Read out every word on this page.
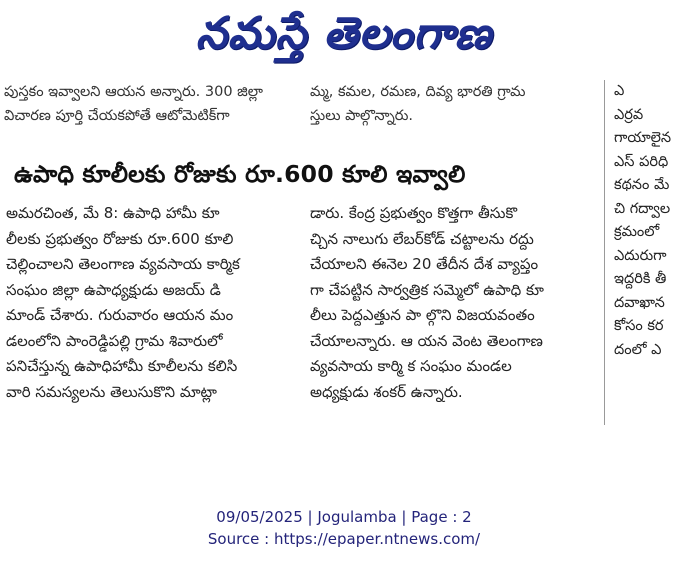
నమస్తే తెలంగాణ
పుస్తకం ఇవ్వాలని ఆయన అన్నారు. 300 జిల్లా
విచారణ పూర్తి చేయకపోతే ఆటోమెటిక్‌గా
మ్మ, కమల, రమణ, దివ్య భారతి గ్రామ
స్తులు పాల్గొన్నారు.

ఎ

ఎర్రవ

గాయాలైన

ఎస్ పరిధి

కథనం మే

చి గద్వాల

క్రమంలో

ఎదురుగా

ఇద్దరికి తీ

దవాఖాన

కోసం కర

దంలో ఎ

ఉపాధి కూలీలకు రోజుకు రూ.600 కూలి ఇవ్వాలి

అమరచింత, మే 8: ఉపాధి హామీ కూ

లీలకు ప్రభుత్వం రోజుకు రూ.600 కూలి

చెల్లించాలని తెలంగాణ వ్యవసాయ కార్మిక

సంఘం జిల్లా ఉపాధ్యక్షుడు అజయ్ డి

మాండ్ చేశారు. గురువారం ఆయన మం

డలంలోని పాంరెడ్డిపల్లి గ్రామ శివారులో

పనిచేస్తున్న ఉపాధిహామీ కూలీలను కలిసి

వారి సమస్యలను తెలుసుకొని మాట్లా

డారు. కేంద్ర ప్రభుత్వం కొత్తగా తీసుకొ

చ్చిన నాలుగు లేబర్‌కోడ్ చట్టాలను రద్దు

చేయాలని ఈనెల 20 తేదీన దేశ వ్యాప్తం

గా చేపట్టిన సార్వత్రిక సమ్మెలో ఉపాధి కూ

లీలు పెద్దఎత్తున పా ల్గొని విజయవంతం

చేయాలన్నారు. ఆ యన వెంట తెలంగాణ

వ్యవసాయ కార్మి క సంఘం మండల

అధ్యక్షుడు శంకర్ ఉన్నారు.

09/05/2025 | Jogulamba | Page : 2
Source : https://epaper.ntnews.com/
